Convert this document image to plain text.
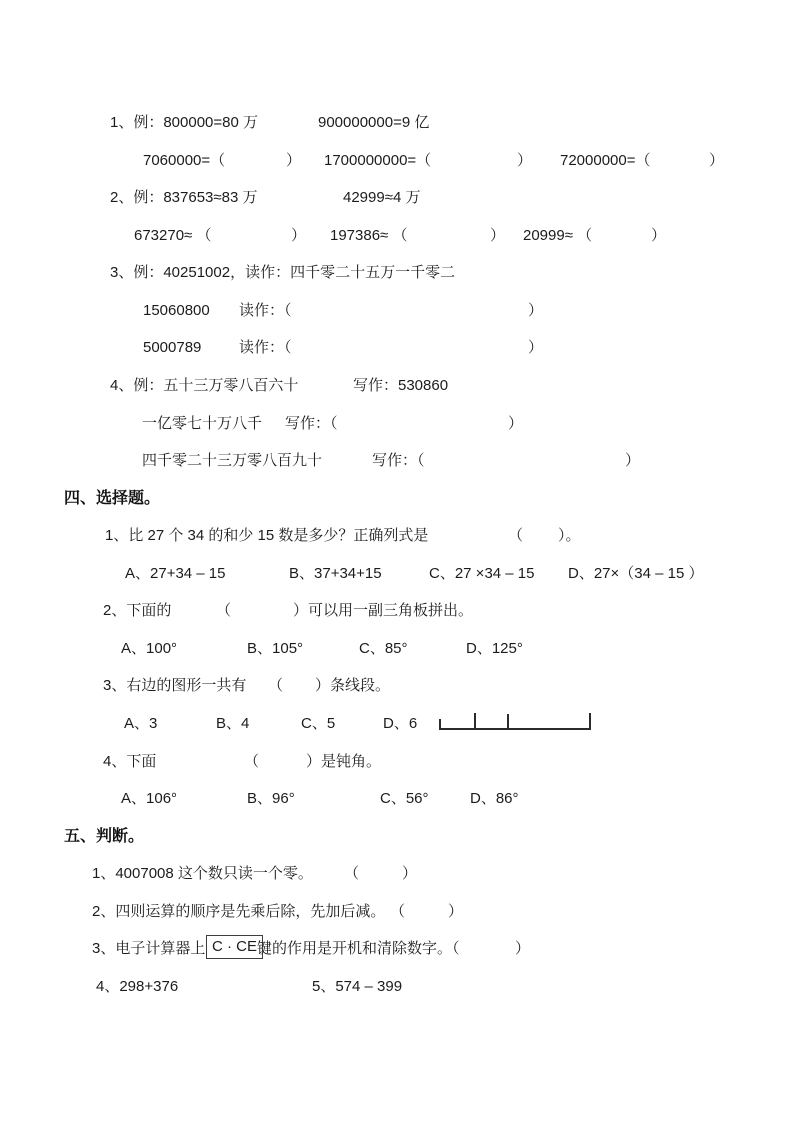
1、例：800000=80 万	900000000=9 亿
7060000=（	） 1700000000=（	） 72000000=（	）
2、例：837653≈83 万	42999≈4 万
673270≈ （	） 197386≈ （	） 20999≈ （	）
3、例：40251002，读作：四千零二十五万一千零二
15060800 读作：（	）
5000789	读作：（	）
4、例：五十三万零八百六十	写作：530860
一亿零七十万八千 写作：（	）
四千零二十三万零八百九十	写作：（	）
四、选择题。
1、比 27 个 34 的和少 15 数是多少？正确列式是	（ ）。
A、27+34 – 15	B、37+34+15	C、27 ×34 – 15 D、27×（34 – 15 ）
2、下面的	（	）可以用一副三角板拼出。
A、100°	B、105°	C、85°	D、125°
3、右边的图形一共有 （ ）条线段。
A、3	B、4	C、5	D、6
4、下面	（	）是钝角。
A、106°	B、96°	C、56°	D、86°
五、判断。
1、4007008 这个数只读一个零。 （	）
2、四则运算的顺序是先乘后除，先加后减。 （	）
3、电子计算器上 C · CE 键的作用是开机和清除数字。（	）
4、298+376	5、574 – 399
